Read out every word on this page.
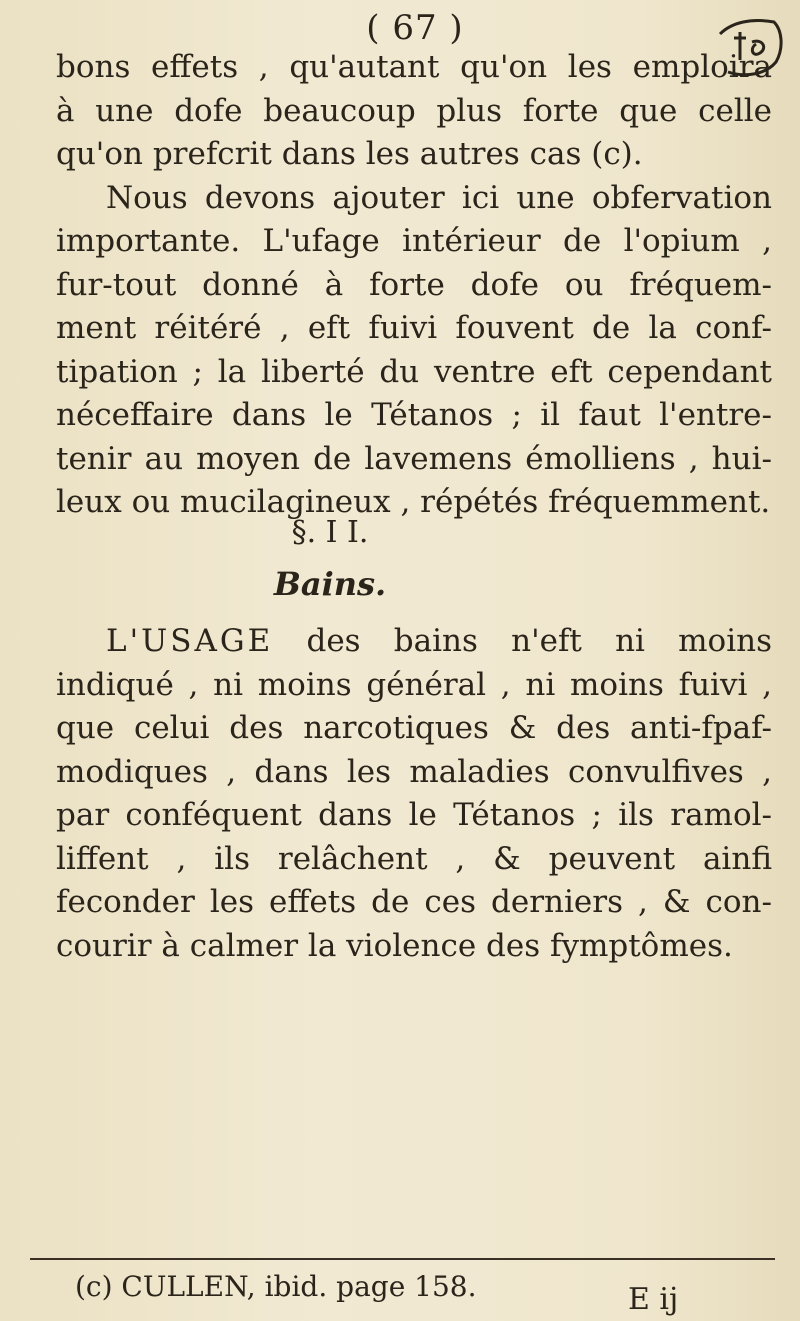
( 67 )
bons effets , qu'autant qu'on les emploira
à une dofe beaucoup plus forte que celle
qu'on prefcrit dans les autres cas (c).
Nous devons ajouter ici une obfervation
importante. L'ufage intérieur de l'opium ,
fur-tout donné à forte dofe ou fréquem-
ment réitéré , eft fuivi fouvent de la conf-
tipation ; la liberté du ventre eft cependant
néceffaire dans le Tétanos ; il faut l'entre-
tenir au moyen de lavemens émolliens , hui-
leux ou mucilagineux , répétés fréquemment.
§. I I.
Bains.
L'USAGE des bains n'eft ni moins
indiqué , ni moins général , ni moins fuivi ,
que celui des narcotiques & des anti-fpaf-
modiques , dans les maladies convulfives ,
par conféquent dans le Tétanos ; ils ramol-
liffent , ils relâchent , & peuvent ainfi
feconder les effets de ces derniers , & con-
courir à calmer la violence des fymptômes.
(c) CULLEN, ibid. page 158.	E ij
